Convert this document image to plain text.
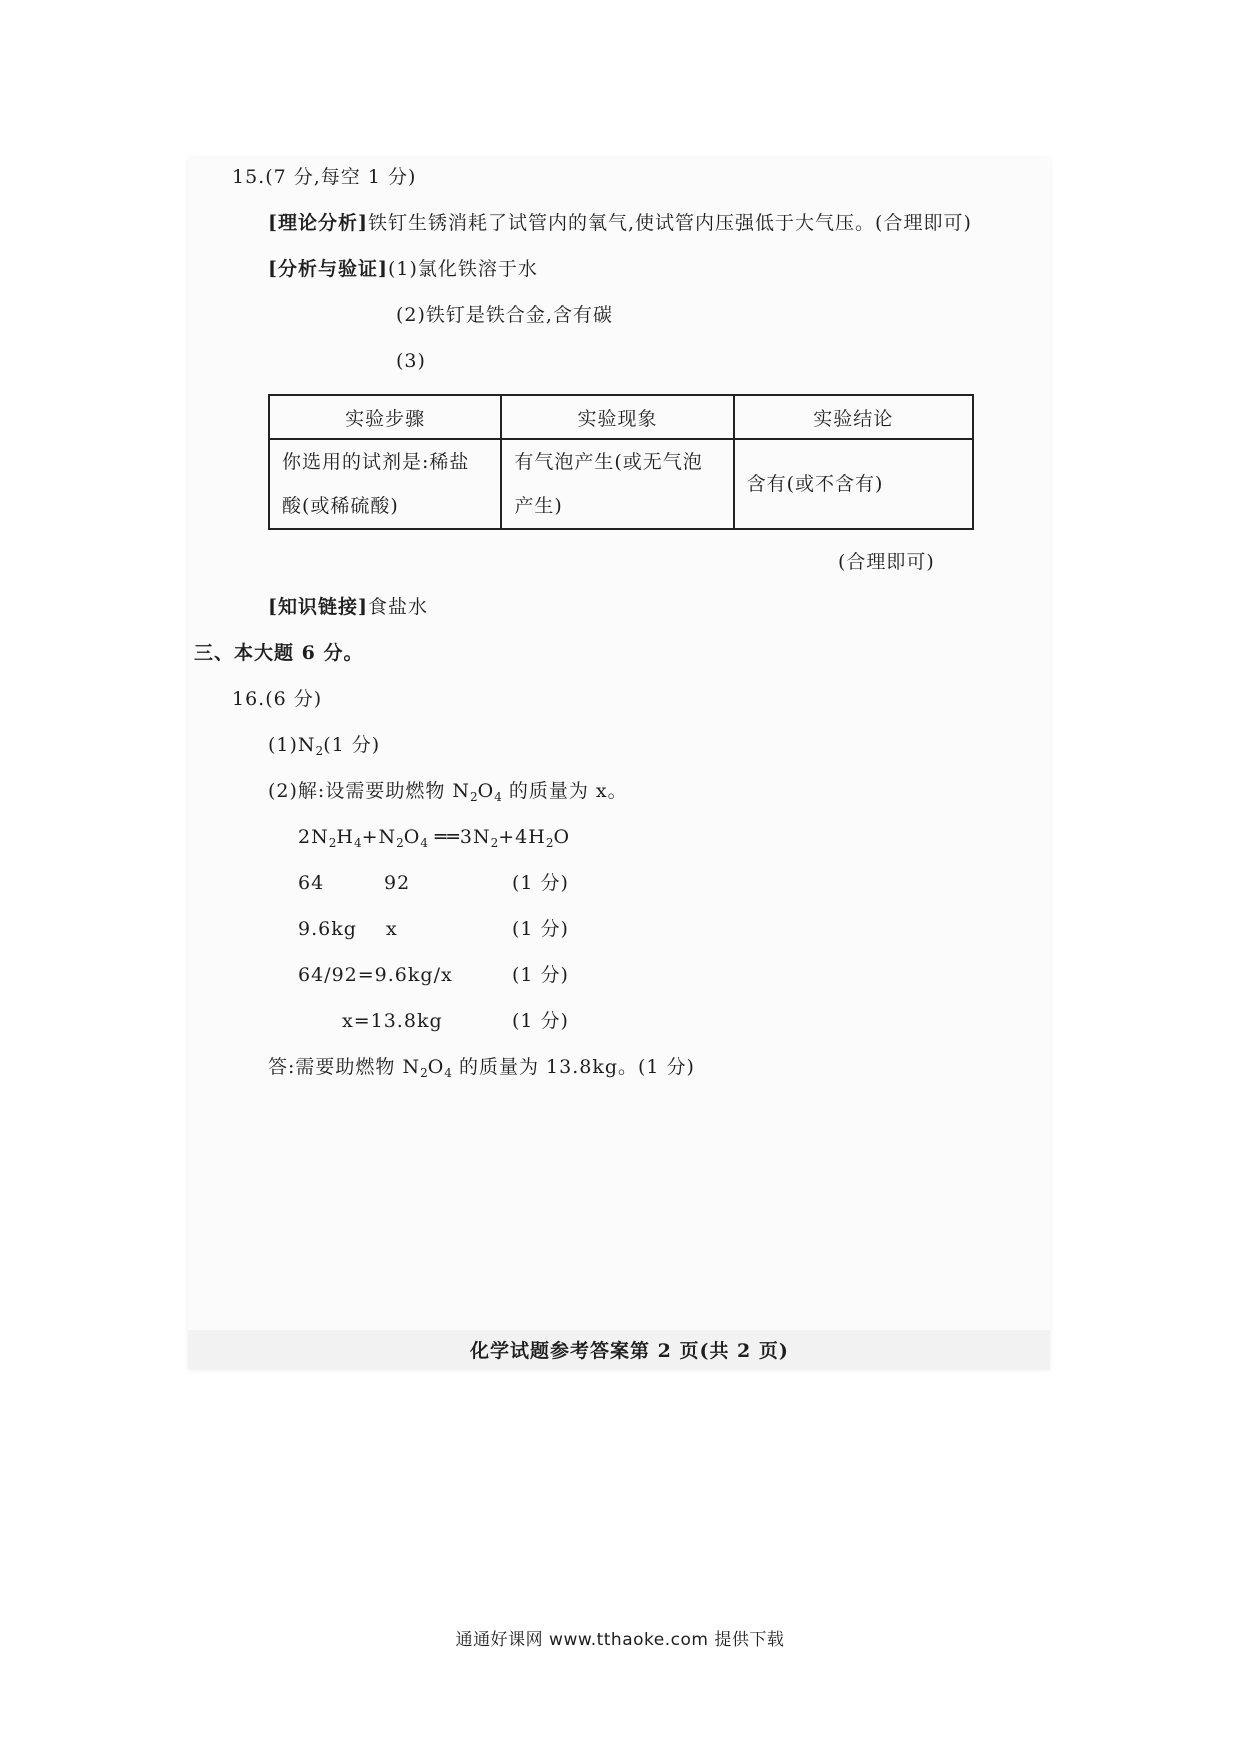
15.(7 分,每空 1 分)
[理论分析]铁钉生锈消耗了试管内的氧气,使试管内压强低于大气压。(合理即可)
[分析与验证](1)氯化铁溶于水
(2)铁钉是铁合金,含有碳
(3)
实验步骤	实验现象	实验结论
你选用的试剂是:稀盐酸(或稀硫酸)	有气泡产生(或无气泡产生)	含有(或不含有)
(合理即可)
[知识链接]食盐水
三、本大题 6 分。
16.(6 分)
$(1)N_2(1$ 分)
(2)解:设需要助燃物 $N_2O_4$ 的质量为 x。
$2N_2H_4+N_2O_4$ $══3N_2+4H_2O$
64	92	(1 分)
9.6kg x	(1 分)
64/92=9.6kg/x	(1 分)
x=13.8kg	(1 分)
答:需要助燃物 $N_2O_4$ 的质量为 13.8kg。(1 分)
化学试题参考答案第 2 页(共 2 页)
通通好课网 www.tthaoke.com 提供下载
